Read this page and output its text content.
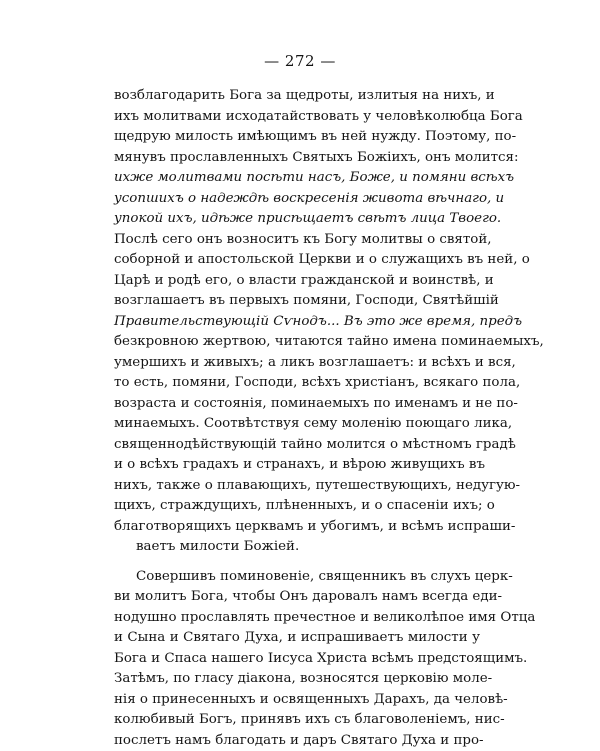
— 272 —
возблагодарить Бога за щедроты, излитыя на нихъ, и
ихъ молитвами исходатайствовать у человѣколюбца Бога
щедрую милость имѣющимъ въ ней нужду. Поэтому, по-
мянувъ прославленныхъ Святыхъ Божіихъ, онъ молится:
ихже молитвами посѣти насъ, Боже, и помяни всѣхъ
усопшихъ о надеждѣ воскресенія живота вѣчнаго, и
упокой ихъ, идѣже присѣщаетъ свѣтъ лица Твоего.
Послѣ сего онъ возноситъ къ Богу молитвы о святой,
соборной и апостольской Церкви и о служащихъ въ ней, о
Царѣ и родѣ его, о власти гражданской и воинствѣ, и
возглашаетъ въ первыхъ помяни, Господи, Святѣйшій
Правительствующій Сѵнодъ... Въ это же время, предъ
безкровною жертвою, читаются тайно имена поминаемыхъ,
умершихъ и живыхъ; а ликъ возглашаетъ: и всѣхъ и вся,
то есть, помяни, Господи, всѣхъ христіанъ, всякаго пола,
возраста и состоянія, поминаемыхъ по именамъ и не по-
минаемыхъ. Соотвѣтствуя сему моленію поющаго лика,
священнодѣйствующій тайно молится о мѣстномъ градѣ
и о всѣхъ градахъ и странахъ, и вѣрою живущихъ въ
нихъ, также о плавающихъ, путешествующихъ, недугую-
щихъ, страждущихъ, плѣненныхъ, и о спасеніи ихъ; о
благотворящихъ церквамъ и убогимъ, и всѣмъ испраши-
ваетъ милости Божіей.
Совершивъ поминовеніе, священникъ въ слухъ церк-
ви молитъ Бога, чтобы Онъ даровалъ намъ всегда еди-
нодушно прославлять пречестное и великолѣпое имя Отца
и Сына и Святаго Духа, и испрашиваетъ милости у
Бога и Спаса нашего Іисуса Христа всѣмъ предстоящимъ.
Затѣмъ, по гласу діакона, возносятся церковію моле-
нія о принесенныхъ и освященныхъ Дарахъ, да человѣ-
колюбивый Богъ, принявъ ихъ съ благоволеніемъ, нис-
послетъ намъ благодать и даръ Святаго Духа и про-
